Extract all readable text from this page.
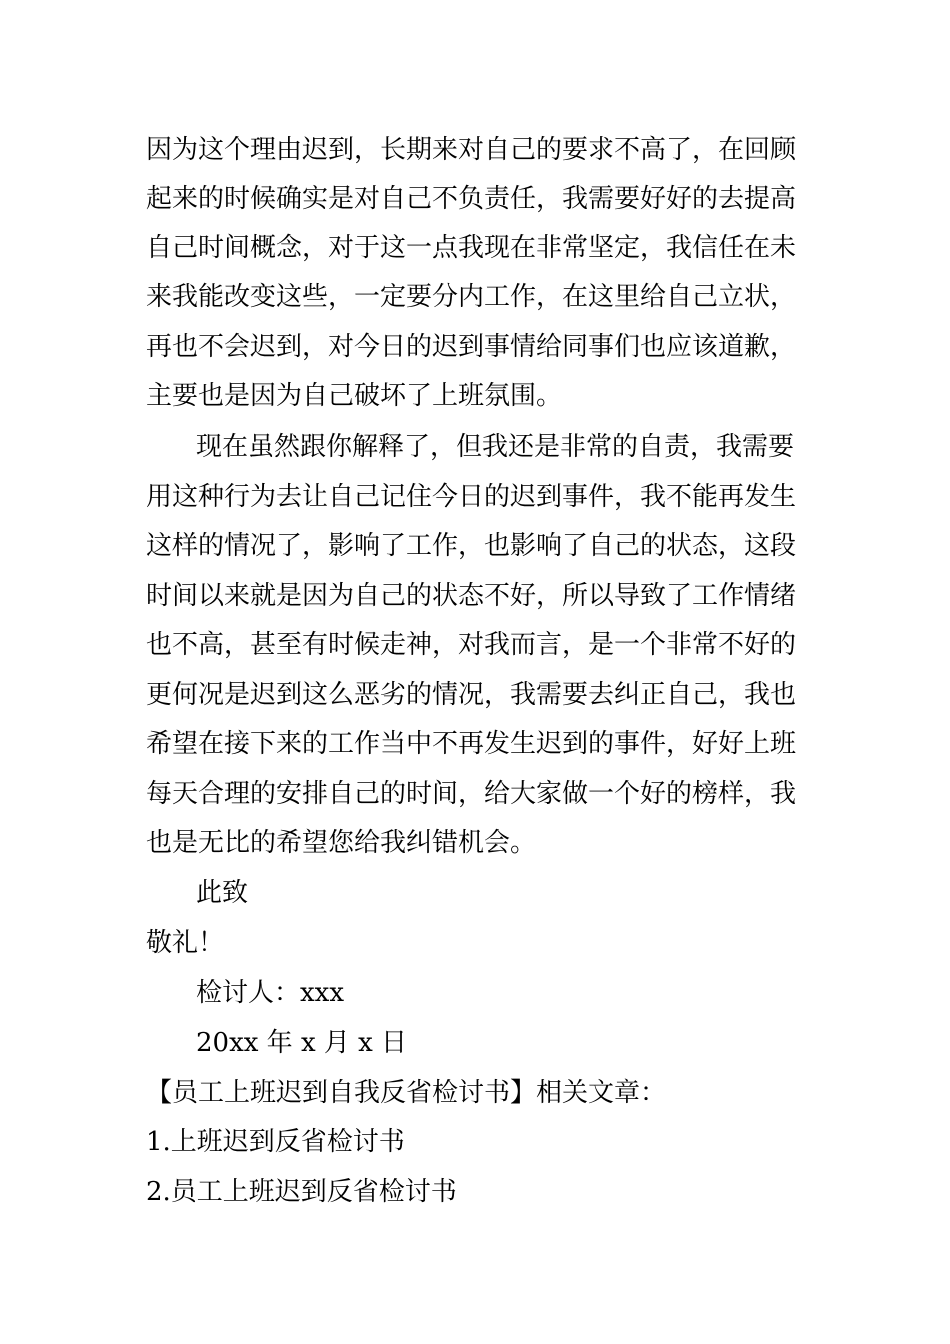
因为这个理由迟到，长期来对自己的要求不高了，在回顾
起来的时候确实是对自己不负责任，我需要好好的去提高
自己时间概念，对于这一点我现在非常坚定，我信任在未
来我能改变这些，一定要分内工作，在这里给自己立状，
再也不会迟到，对今日的迟到事情给同事们也应该道歉，
主要也是因为自己破坏了上班氛围。
现在虽然跟你解释了，但我还是非常的自责，我需要
用这种行为去让自己记住今日的迟到事件，我不能再发生
这样的情况了，影响了工作，也影响了自己的状态，这段
时间以来就是因为自己的状态不好，所以导致了工作情绪
也不高，甚至有时候走神，对我而言，是一个非常不好的
更何况是迟到这么恶劣的情况，我需要去纠正自己，我也
希望在接下来的工作当中不再发生迟到的事件，好好上班
每天合理的安排自己的时间，给大家做一个好的榜样，我
也是无比的希望您给我纠错机会。
此致
敬礼！
检讨人：xxx
20xx 年 x 月 x 日
【员工上班迟到自我反省检讨书】相关文章：
1.上班迟到反省检讨书
2.员工上班迟到反省检讨书
